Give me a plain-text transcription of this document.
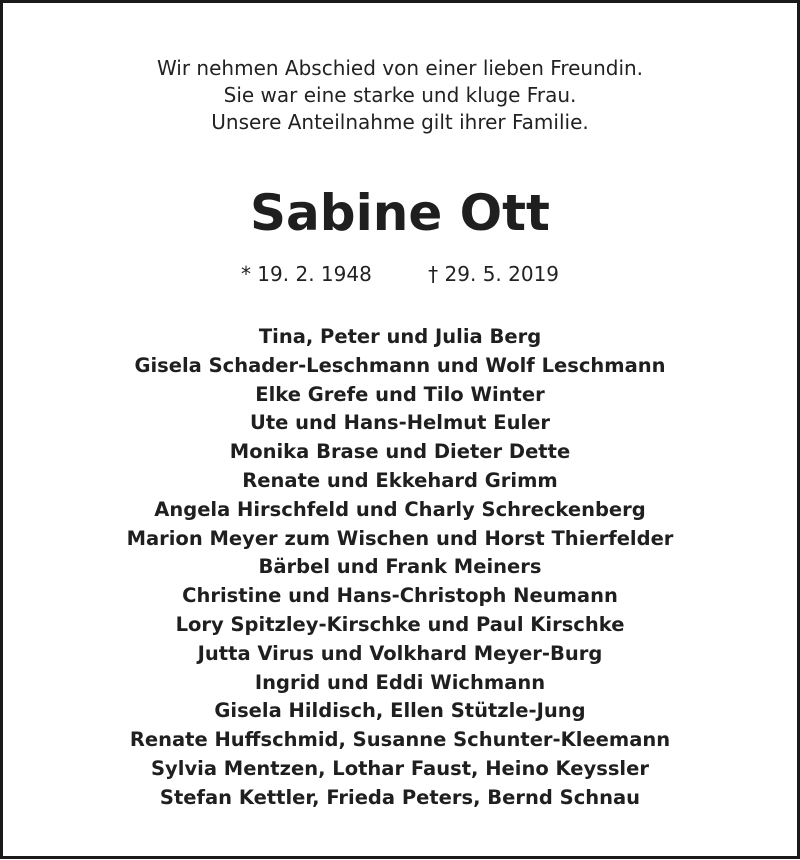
Wir nehmen Abschied von einer lieben Freundin.
Sie war eine starke und kluge Frau.
Unsere Anteilnahme gilt ihrer Familie.
Sabine Ott
* 19. 2. 1948	† 29. 5. 2019
Tina, Peter und Julia Berg
Gisela Schader-Leschmann und Wolf Leschmann
Elke Grefe und Tilo Winter
Ute und Hans-Helmut Euler
Monika Brase und Dieter Dette
Renate und Ekkehard Grimm
Angela Hirschfeld und Charly Schreckenberg
Marion Meyer zum Wischen und Horst Thierfelder
Bärbel und Frank Meiners
Christine und Hans-Christoph Neumann
Lory Spitzley-Kirschke und Paul Kirschke
Jutta Virus und Volkhard Meyer-Burg
Ingrid und Eddi Wichmann
Gisela Hildisch, Ellen Stützle-Jung
Renate Huffschmid, Susanne Schunter-Kleemann
Sylvia Mentzen, Lothar Faust, Heino Keyssler
Stefan Kettler, Frieda Peters, Bernd Schnau
